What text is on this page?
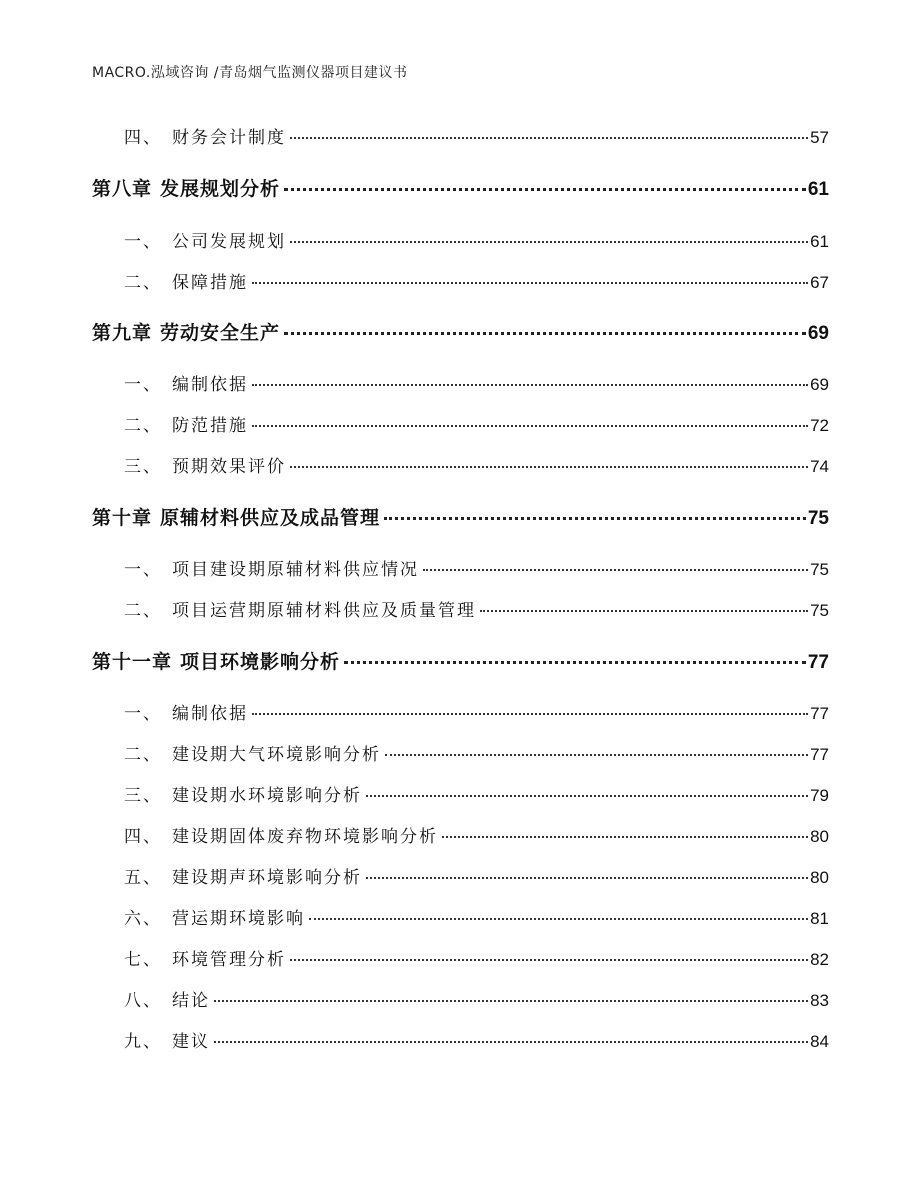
MACRO.泓域咨询 /青岛烟气监测仪器项目建议书
四、 财务会计制度	57
第八章 发展规划分析	61
一、 公司发展规划	61
二、 保障措施	67
第九章 劳动安全生产	69
一、 编制依据	69
二、 防范措施	72
三、 预期效果评价	74
第十章 原辅材料供应及成品管理	75
一、 项目建设期原辅材料供应情况	75
二、 项目运营期原辅材料供应及质量管理	75
第十一章 项目环境影响分析	77
一、 编制依据	77
二、 建设期大气环境影响分析	77
三、 建设期水环境影响分析	79
四、 建设期固体废弃物环境影响分析	80
五、 建设期声环境影响分析	80
六、 营运期环境影响	81
七、 环境管理分析	82
八、 结论	83
九、 建议	84
